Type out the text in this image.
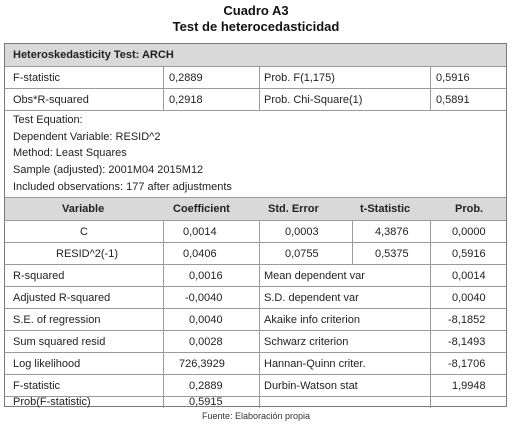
Cuadro A3
Test de heterocedasticidad
Heteroskedasticity Test: ARCH
F-statistic	0,2889	Prob. F(1,175)	0,5916
Obs*R-squared	0,2918	Prob. Chi-Square(1)	0,5891
Test Equation:
Dependent Variable: RESID^2
Method: Least Squares
Sample (adjusted): 2001M04 2015M12
Included observations: 177 after adjustments
Variable	Coefficient	Std. Error	t-Statistic	Prob.
C	0,0014	0,0003	4,3876	0,0000
RESID^2(-1)	0,0406	0,0755	0,5375	0,5916
R-squared	0,0016	Mean dependent var	0,0014
Adjusted R-squared	-0,0040	S.D. dependent var	0,0040
S.E. of regression	0,0040	Akaike info criterion	-8,1852
Sum squared resid	0,0028	Schwarz criterion	-8,1493
Log likelihood	726,3929	Hannan-Quinn criter.	-8,1706
F-statistic	0,2889	Durbin-Watson stat	1,9948
Prob(F-statistic)	0,5915
Fuente: Elaboración propia
